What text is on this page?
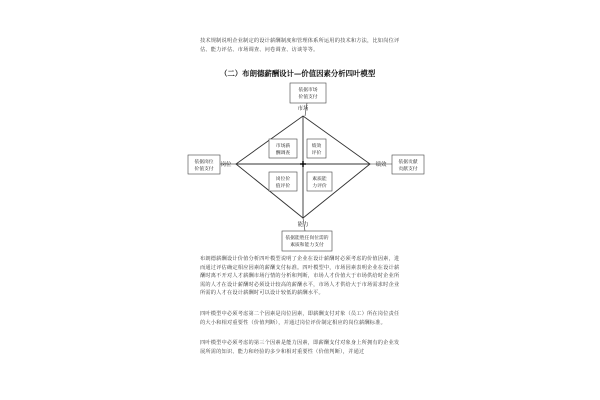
技术规制说明企业制定的设计薪酬制度和管理体系所运用的技术和方法，比如岗位评估、能力评估、市场调查、问卷调查、访谈等等。
（二）布朗德薪酬设计—价值因素分析四叶模型
依据市场
价值支付
依据岗位
价值支付
依据贡献
贡献支付
依据能胜任岗位需的
素质和能力支付
市场
岗位	绩效
能力
市场薪
酬调查
绩效
评价
岗位价
值评价
素质能
力评价
布朗德薪酬设计价值分析四叶模型说明了企业在设计薪酬时必须考虑的价值因素，进而通过评估确定相应因素的薪酬支付标准。四叶模型中，市场因素表明企业在设计薪酬时离不开对人才薪酬市场行情的分析和判断，市场人才价值大于市场供给时企业所需的人才在设计薪酬时必须设计较高的薪酬水平，市场人才供给大于市场需求时企业所需的人才在设计薪酬时可以设计较低的薪酬水平。
四叶模型中必须考虑第二个因素是岗位因素，即薪酬支付对象（员工）所在岗位责任的大小和相对重要性（价值判断），并通过岗位评价制定相应的岗位薪酬标准。
四叶模型中必须考虑的第三个因素是能力因素，即薪酬支付对象身上所拥有的企业发展所需的知识、能力和经验的多少和相对重要性（价值判断），并通过
